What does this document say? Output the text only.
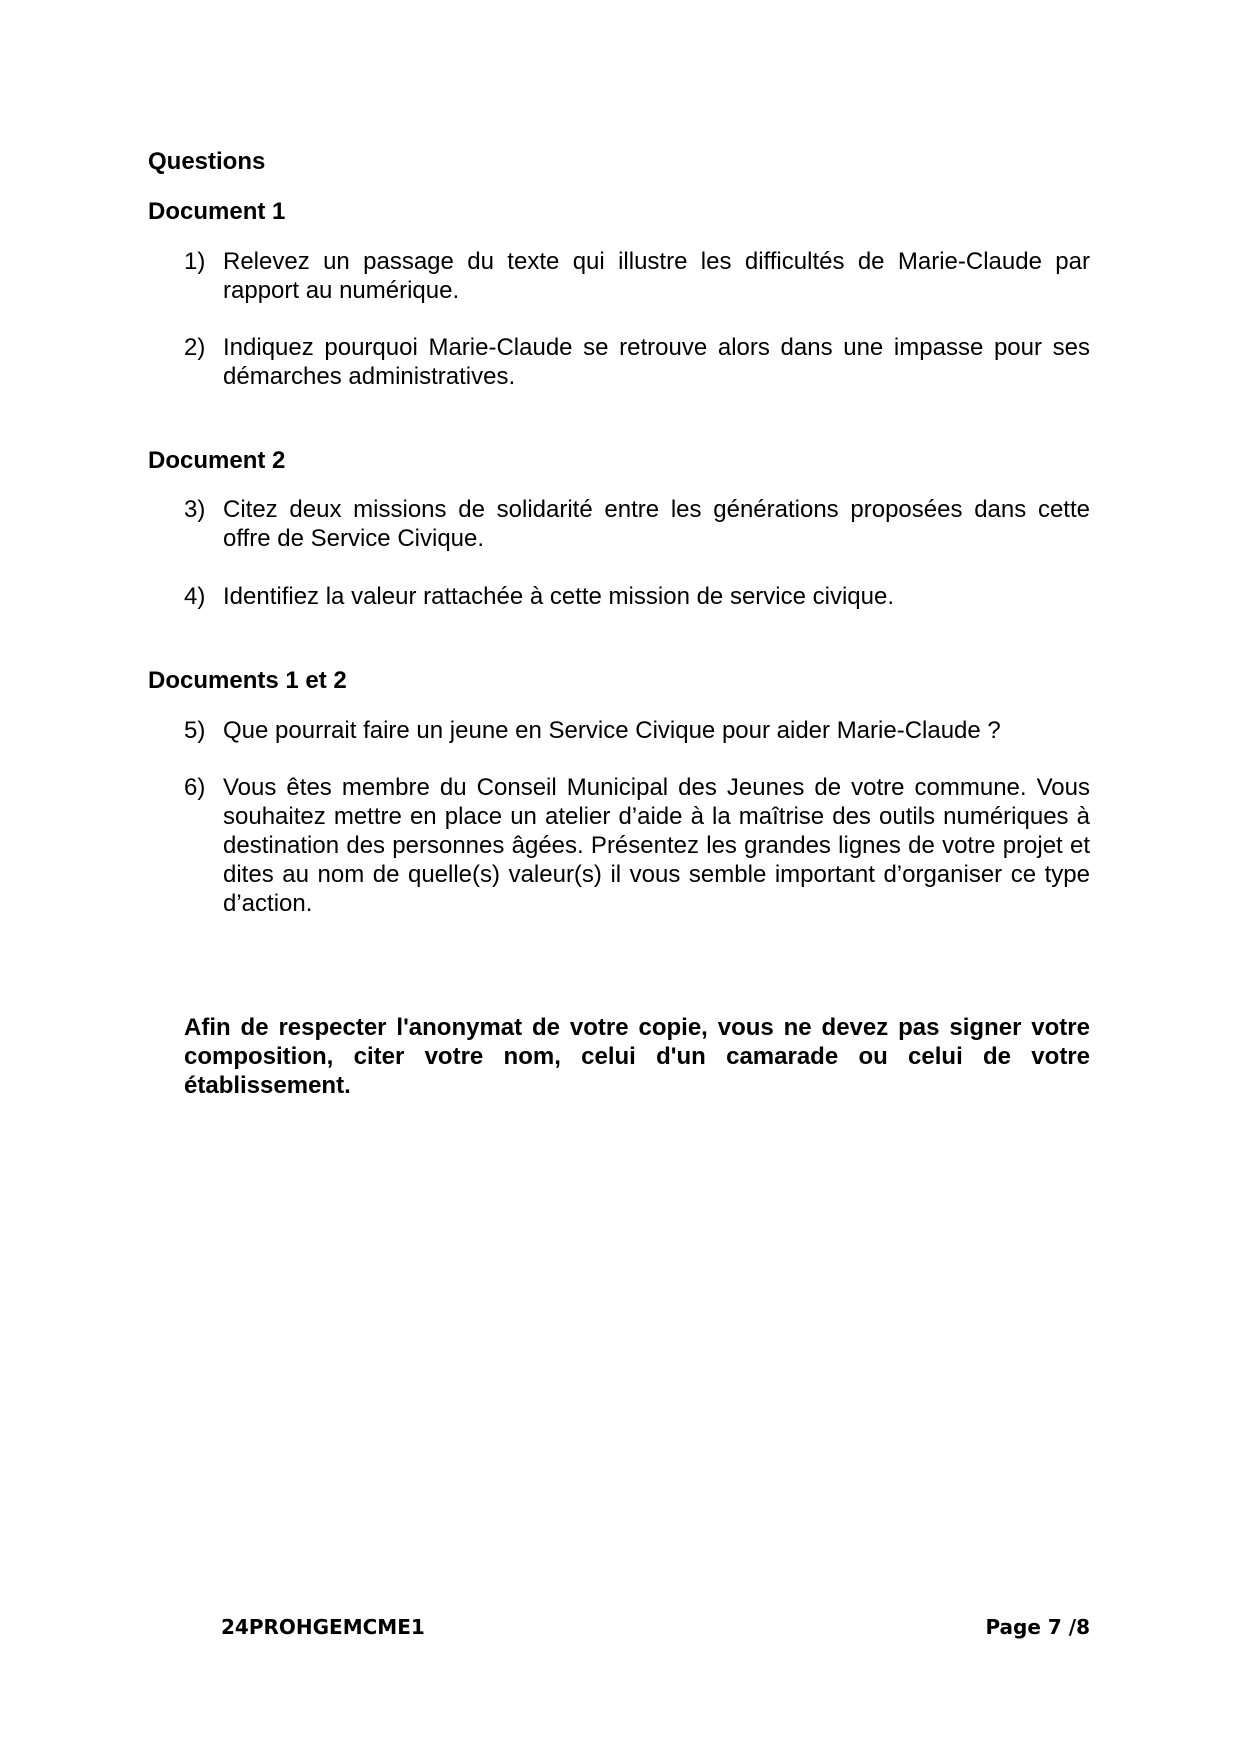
Questions
Document 1
1) Relevez un passage du texte qui illustre les difficultés de Marie-Claude par rapport au numérique.
2) Indiquez pourquoi Marie-Claude se retrouve alors dans une impasse pour ses démarches administratives.
Document 2
3) Citez deux missions de solidarité entre les générations proposées dans cette offre de Service Civique.
4) Identifiez la valeur rattachée à cette mission de service civique.
Documents 1 et 2
5) Que pourrait faire un jeune en Service Civique pour aider Marie-Claude ?
6) Vous êtes membre du Conseil Municipal des Jeunes de votre commune. Vous souhaitez mettre en place un atelier d’aide à la maîtrise des outils numériques à destination des personnes âgées. Présentez les grandes lignes de votre projet et dites au nom de quelle(s) valeur(s) il vous semble important d’organiser ce type d’action.
Afin de respecter l'anonymat de votre copie, vous ne devez pas signer votre composition, citer votre nom, celui d'un camarade ou celui de votre établissement.
24PROHGEMCME1	Page 7 /8
